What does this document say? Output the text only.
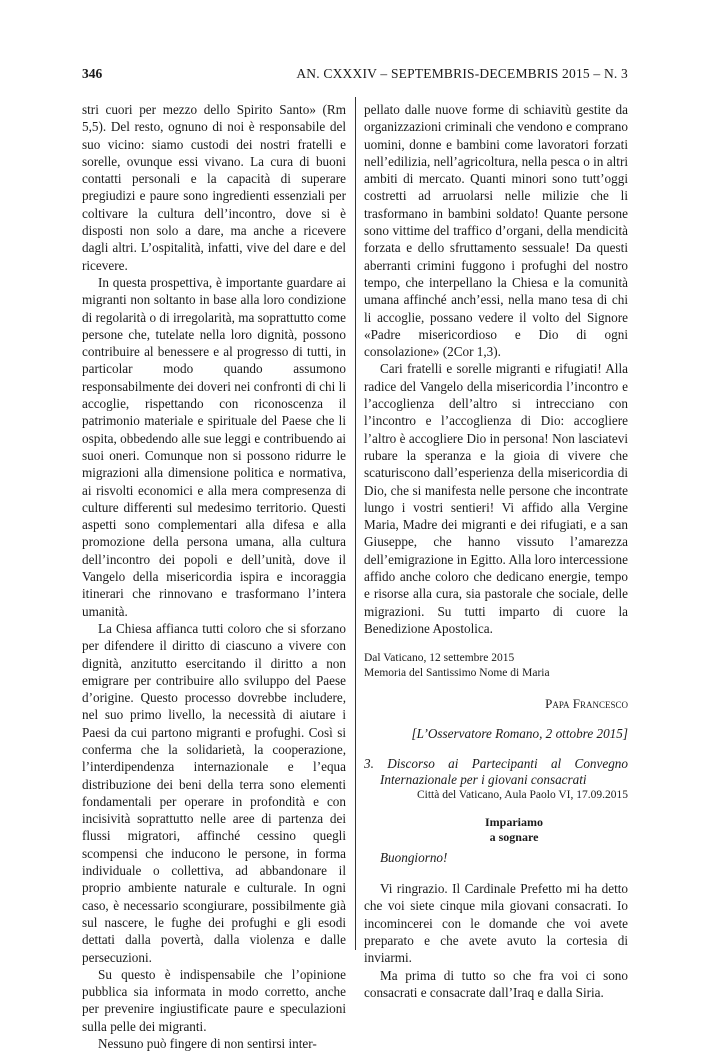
346	AN. CXXXIV – SEPTEMBRIS-DECEMBRIS 2015 – N. 3

stri cuori per mezzo dello Spirito Santo» (Rm 5,5). Del resto, ognuno di noi è responsabile del suo vicino: siamo custodi dei nostri fratelli e sorelle, ovunque essi vivano. La cura di buoni contatti personali e la capacità di superare pregiudizi e paure sono ingredienti essenziali per coltivare la cultura dell’incontro, dove si è disposti non solo a dare, ma anche a ricevere dagli altri. L’ospitalità, infatti, vive del dare e del ricevere.

In questa prospettiva, è importante guardare ai migranti non soltanto in base alla loro condizione di regolarità o di irregolarità, ma soprattutto come persone che, tutelate nella loro dignità, possono contribuire al benessere e al progresso di tutti, in particolar modo quando assumono responsabilmente dei doveri nei confronti di chi li accoglie, rispettando con riconoscenza il patrimonio materiale e spirituale del Paese che li ospita, obbedendo alle sue leggi e contribuendo ai suoi oneri. Comunque non si possono ridurre le migrazioni alla dimensione politica e normativa, ai risvolti economici e alla mera compresenza di culture differenti sul medesimo territorio. Questi aspetti sono complementari alla difesa e alla promozione della persona umana, alla cultura dell’incontro dei popoli e dell’unità, dove il Vangelo della misericordia ispira e incoraggia itinerari che rinnovano e trasformano l’intera umanità.

La Chiesa affianca tutti coloro che si sforzano per difendere il diritto di ciascuno a vivere con dignità, anzitutto esercitando il diritto a non emigrare per contribuire allo sviluppo del Paese d’origine. Questo processo dovrebbe includere, nel suo primo livello, la necessità di aiutare i Paesi da cui partono migranti e profughi. Così si conferma che la solidarietà, la cooperazione, l’interdipendenza internazionale e l’equa distribuzione dei beni della terra sono elementi fondamentali per operare in profondità e con incisività soprattutto nelle aree di partenza dei flussi migratori, affinché cessino quegli scompensi che inducono le persone, in forma individuale o collettiva, ad abbandonare il proprio ambiente naturale e culturale. In ogni caso, è necessario scongiurare, possibilmente già sul nascere, le fughe dei profughi e gli esodi dettati dalla povertà, dalla violenza e dalle persecuzioni.

Su questo è indispensabile che l’opinione pubblica sia informata in modo corretto, anche per prevenire ingiustificate paure e speculazioni sulla pelle dei migranti.

Nessuno può fingere di non sentirsi inter-

pellato dalle nuove forme di schiavitù gestite da organizzazioni criminali che vendono e comprano uomini, donne e bambini come lavoratori forzati nell’edilizia, nell’agricoltura, nella pesca o in altri ambiti di mercato. Quanti minori sono tutt’oggi costretti ad arruolarsi nelle milizie che li trasformano in bambini soldato! Quante persone sono vittime del traffico d’organi, della mendicità forzata e dello sfruttamento sessuale! Da questi aberranti crimini fuggono i profughi del nostro tempo, che interpellano la Chiesa e la comunità umana affinché anch’essi, nella mano tesa di chi li accoglie, possano vedere il volto del Signore «Padre misericordioso e Dio di ogni consolazione» (2Cor 1,3).

Cari fratelli e sorelle migranti e rifugiati! Alla radice del Vangelo della misericordia l’incontro e l’accoglienza dell’altro si intrecciano con l’incontro e l’accoglienza di Dio: accogliere l’altro è accogliere Dio in persona! Non lasciatevi rubare la speranza e la gioia di vivere che scaturiscono dall’esperienza della misericordia di Dio, che si manifesta nelle persone che incontrate lungo i vostri sentieri! Vi affido alla Vergine Maria, Madre dei migranti e dei rifugiati, e a san Giuseppe, che hanno vissuto l’amarezza dell’emigrazione in Egitto. Alla loro intercessione affido anche coloro che dedicano energie, tempo e risorse alla cura, sia pastorale che sociale, delle migrazioni. Su tutti imparto di cuore la Benedizione Apostolica.

Dal Vaticano, 12 settembre 2015

Memoria del Santissimo Nome di Maria

Papa Francesco

[L’Osservatore Romano, 2 ottobre 2015]

3. Discorso ai Partecipanti al Convegno Internazionale per i giovani consacrati

Città del Vaticano, Aula Paolo VI, 17.09.2015

Impariamo

a sognare

Buongiorno!

Vi ringrazio. Il Cardinale Prefetto mi ha detto che voi siete cinque mila giovani consacrati. Io incomincerei con le domande che voi avete preparato e che avete avuto la cortesia di inviarmi.

Ma prima di tutto so che fra voi ci sono consacrati e consacrate dall’Iraq e dalla Siria.
